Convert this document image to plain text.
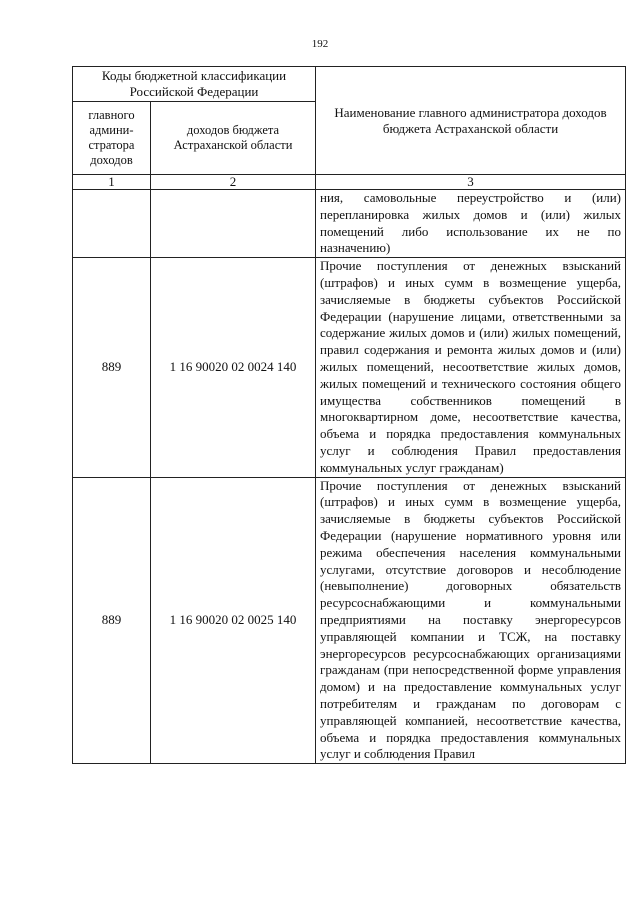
192
Коды бюджетной классификации Российской Федерации		Наименование главного администратора доходов бюджета Астраханской области
главного админи-стратора доходов	доходов бюджета Астраханской области	
1	2	3
		ния, самовольные переустройство и (или) перепланировка жилых домов и (или) жилых помещений либо использование их не по назначению)
889	1 16 90020 02 0024 140	Прочие поступления от денежных взысканий (штрафов) и иных сумм в возмещение ущерба, зачисляемые в бюджеты субъектов Российской Федерации (нарушение лицами, ответственными за содержание жилых домов и (или) жилых помещений, правил содержания и ремонта жилых домов и (или) жилых помещений, несоответствие жилых домов, жилых помещений и технического состояния общего имущества собственников помещений в многоквартирном доме, несоответствие качества, объема и порядка предоставления коммунальных услуг и соблюдения Правил предоставления коммунальных услуг гражданам)
889	1 16 90020 02 0025 140	Прочие поступления от денежных взысканий (штрафов) и иных сумм в возмещение ущерба, зачисляемые в бюджеты субъектов Российской Федерации (нарушение нормативного уровня или режима обеспечения населения коммунальными услугами, отсутствие договоров и несоблюдение (невыполнение) договорных обязательств ресурсоснабжающими и коммунальными предприятиями на поставку энергоресурсов управляющей компании и ТСЖ, на поставку энергоресурсов ресурсоснабжающих организациями гражданам (при непосредственной форме управления домом) и на предоставление коммунальных услуг потребителям и гражданам по договорам с управляющей компанией, несоответствие качества, объема и порядка предоставления коммунальных услуг и соблюдения Правил
